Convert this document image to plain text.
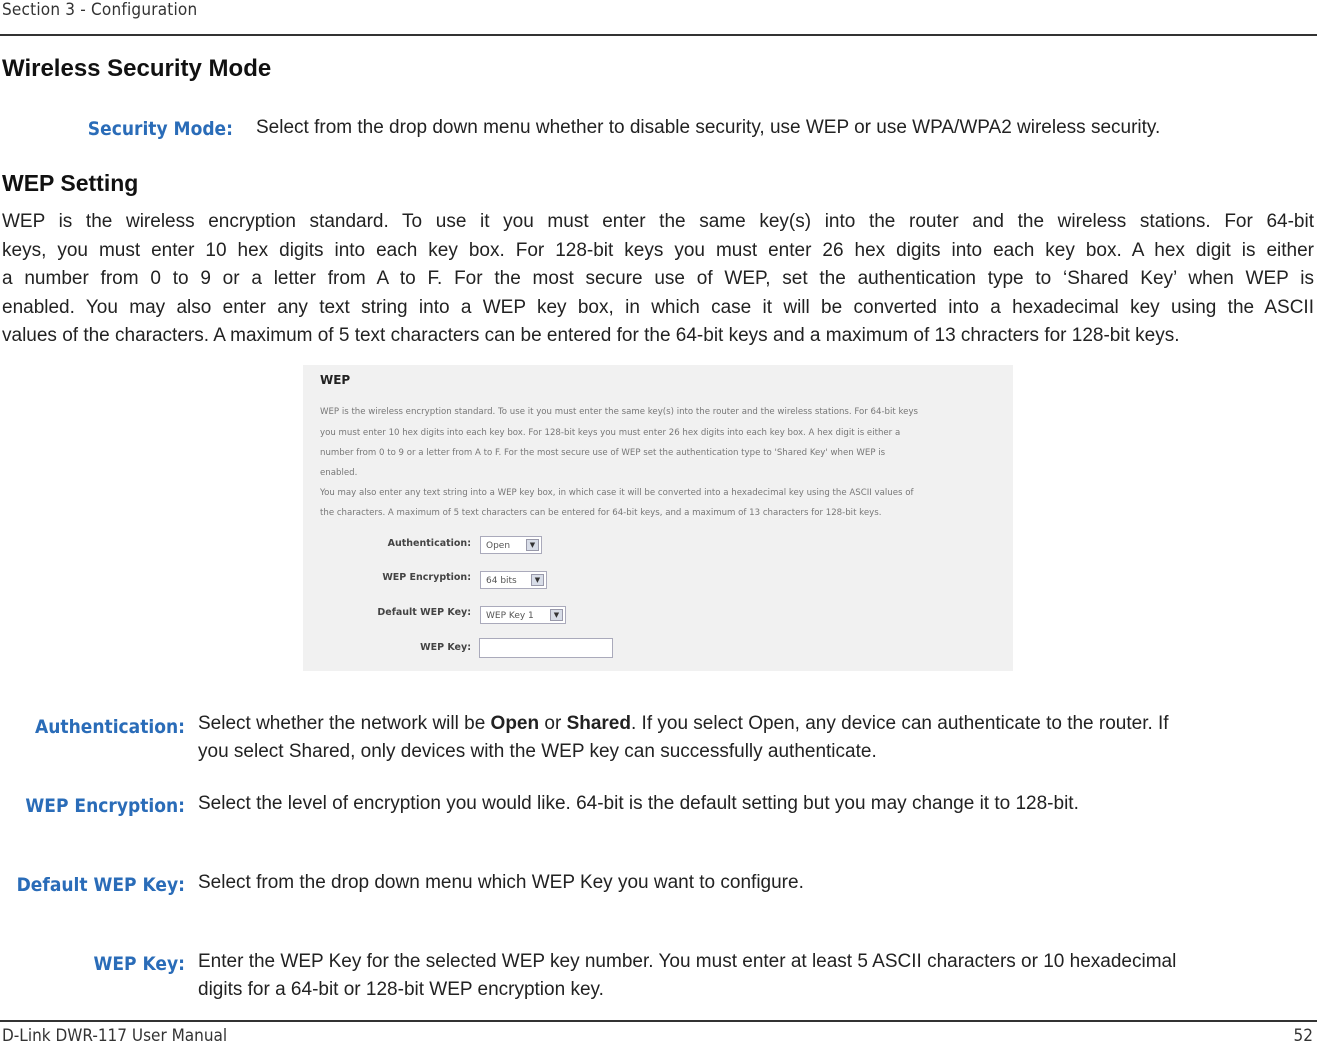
Section 3 - Configuration
Wireless Security Mode
Security Mode: Select from the drop down menu whether to disable security, use WEP or use WPA/WPA2 wireless security.
WEP Setting
WEP is the wireless encryption standard. To use it you must enter the same key(s) into the router and the wireless stations. For 64-bit
keys, you must enter 10 hex digits into each key box. For 128-bit keys you must enter 26 hex digits into each key box. A hex digit is either
a number from 0 to 9 or a letter from A to F. For the most secure use of WEP, set the authentication type to ‘Shared Key’ when WEP is
enabled. You may also enter any text string into a WEP key box, in which case it will be converted into a hexadecimal key using the ASCII
values of the characters. A maximum of 5 text characters can be entered for the 64-bit keys and a maximum of 13 chracters for 128-bit keys.
WEP
WEP is the wireless encryption standard. To use it you must enter the same key(s) into the router and the wireless stations. For 64-bit keys
you must enter 10 hex digits into each key box. For 128-bit keys you must enter 26 hex digits into each key box. A hex digit is either a
number from 0 to 9 or a letter from A to F. For the most secure use of WEP set the authentication type to 'Shared Key' when WEP is
enabled.
You may also enter any text string into a WEP key box, in which case it will be converted into a hexadecimal key using the ASCII values of
the characters. A maximum of 5 text characters can be entered for 64-bit keys, and a maximum of 13 characters for 128-bit keys.
Authentication:	Open	▼
WEP Encryption:	64 bits	▼
Default WEP Key:	WEP Key 1	▼
WEP Key:
Authentication: Select whether the network will be Open or Shared. If you select Open, any device can authenticate to the router. If
you select Shared, only devices with the WEP key can successfully authenticate.
WEP Encryption: Select the level of encryption you would like. 64-bit is the default setting but you may change it to 128-bit.
Default WEP Key: Select from the drop down menu which WEP Key you want to configure.
WEP Key: Enter the WEP Key for the selected WEP key number. You must enter at least 5 ASCII characters or 10 hexadecimal
digits for a 64-bit or 128-bit WEP encryption key.
D-Link DWR-117 User Manual	52
